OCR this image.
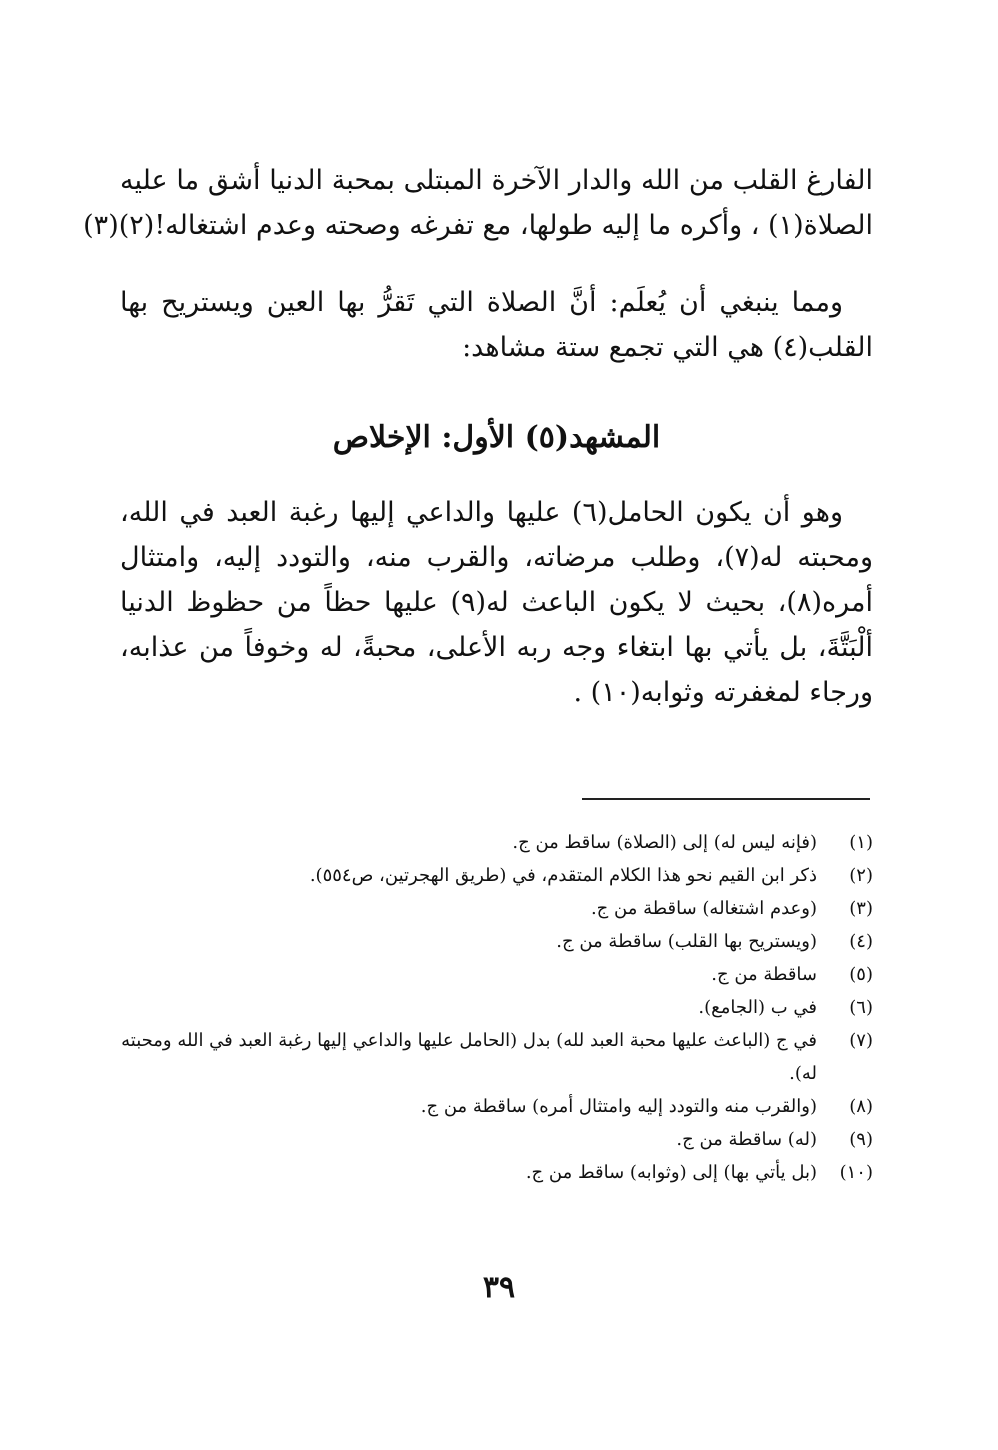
الفارغ القلب من الله والدار الآخرة المبتلى بمحبة الدنيا أشق ما عليه
الصلاة(١) ، وأكره ما إليه طولها، مع تفرغه وصحته وعدم اشتغاله!(٢)(٣)
ومما ينبغي أن يُعلَم: أنَّ الصلاة التي تَقرُّ بها العين ويستريح بها
القلب(٤) هي التي تجمع ستة مشاهد:
المشهد(٥) الأول: الإخلاص
وهو أن يكون الحامل(٦) عليها والداعي إليها رغبة العبد في الله،
ومحبته له(٧)، وطلب مرضاته، والقرب منه، والتودد إليه، وامتثال
أمره(٨)، بحيث لا يكون الباعث له(٩) عليها حظاً من حظوظ الدنيا
ألْبَتَّةَ، بل يأتي بها ابتغاء وجه ربه الأعلى، محبةً، له وخوفاً من عذابه،
ورجاء لمغفرته وثوابه(١٠) .
(١)
(فإنه ليس له) إلى (الصلاة) ساقط من ج.
(٢)
ذكر ابن القيم نحو هذا الكلام المتقدم، في (طريق الهجرتين، ص٥٥٤).
(٣)
(وعدم اشتغاله) ساقطة من ج.
(٤)
(ويستريح بها القلب) ساقطة من ج.
(٥)
ساقطة من ج.
(٦)
في ب (الجامع).
(٧)
في ج (الباعث عليها محبة العبد لله) بدل (الحامل عليها والداعي إليها رغبة العبد في الله ومحبته له).
(٨)
(والقرب منه والتودد إليه وامتثال أمره) ساقطة من ج.
(٩)
(له) ساقطة من ج.
(١٠)
(بل يأتي بها) إلى (وثوابه) ساقط من ج.
٣٩
